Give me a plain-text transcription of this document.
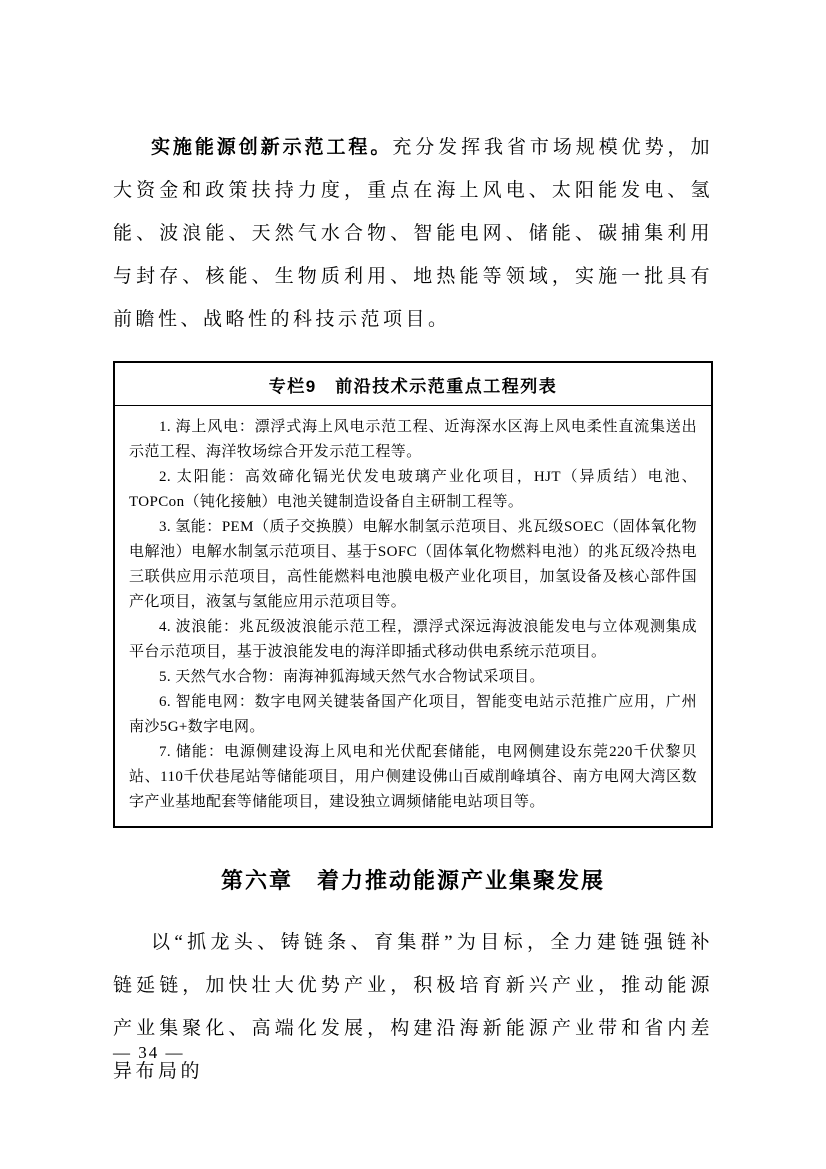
实施能源创新示范工程。充分发挥我省市场规模优势，加大资金和政策扶持力度，重点在海上风电、太阳能发电、氢能、波浪能、天然气水合物、智能电网、储能、碳捕集利用与封存、核能、生物质利用、地热能等领域，实施一批具有前瞻性、战略性的科技示范项目。

专栏9　前沿技术示范重点工程列表

1. 海上风电：漂浮式海上风电示范工程、近海深水区海上风电柔性直流集送出示范工程、海洋牧场综合开发示范工程等。

2. 太阳能：高效碲化镉光伏发电玻璃产业化项目，HJT（异质结）电池、TOPCon（钝化接触）电池关键制造设备自主研制工程等。

3. 氢能：PEM（质子交换膜）电解水制氢示范项目、兆瓦级SOEC（固体氧化物电解池）电解水制氢示范项目、基于SOFC（固体氧化物燃料电池）的兆瓦级冷热电三联供应用示范项目，高性能燃料电池膜电极产业化项目，加氢设备及核心部件国产化项目，液氢与氢能应用示范项目等。

4. 波浪能：兆瓦级波浪能示范工程，漂浮式深远海波浪能发电与立体观测集成平台示范项目，基于波浪能发电的海洋即插式移动供电系统示范项目。

5. 天然气水合物：南海神狐海域天然气水合物试采项目。

6. 智能电网：数字电网关键装备国产化项目，智能变电站示范推广应用，广州南沙5G+数字电网。

7. 储能：电源侧建设海上风电和光伏配套储能，电网侧建设东莞220千伏黎贝站、110千伏巷尾站等储能项目，用户侧建设佛山百威削峰填谷、南方电网大湾区数字产业基地配套等储能项目，建设独立调频储能电站项目等。

第六章　着力推动能源产业集聚发展

以“抓龙头、铸链条、育集群”为目标，全力建链强链补链延链，加快壮大优势产业，积极培育新兴产业，推动能源产业集聚化、高端化发展，构建沿海新能源产业带和省内差异布局的

— 34 —
